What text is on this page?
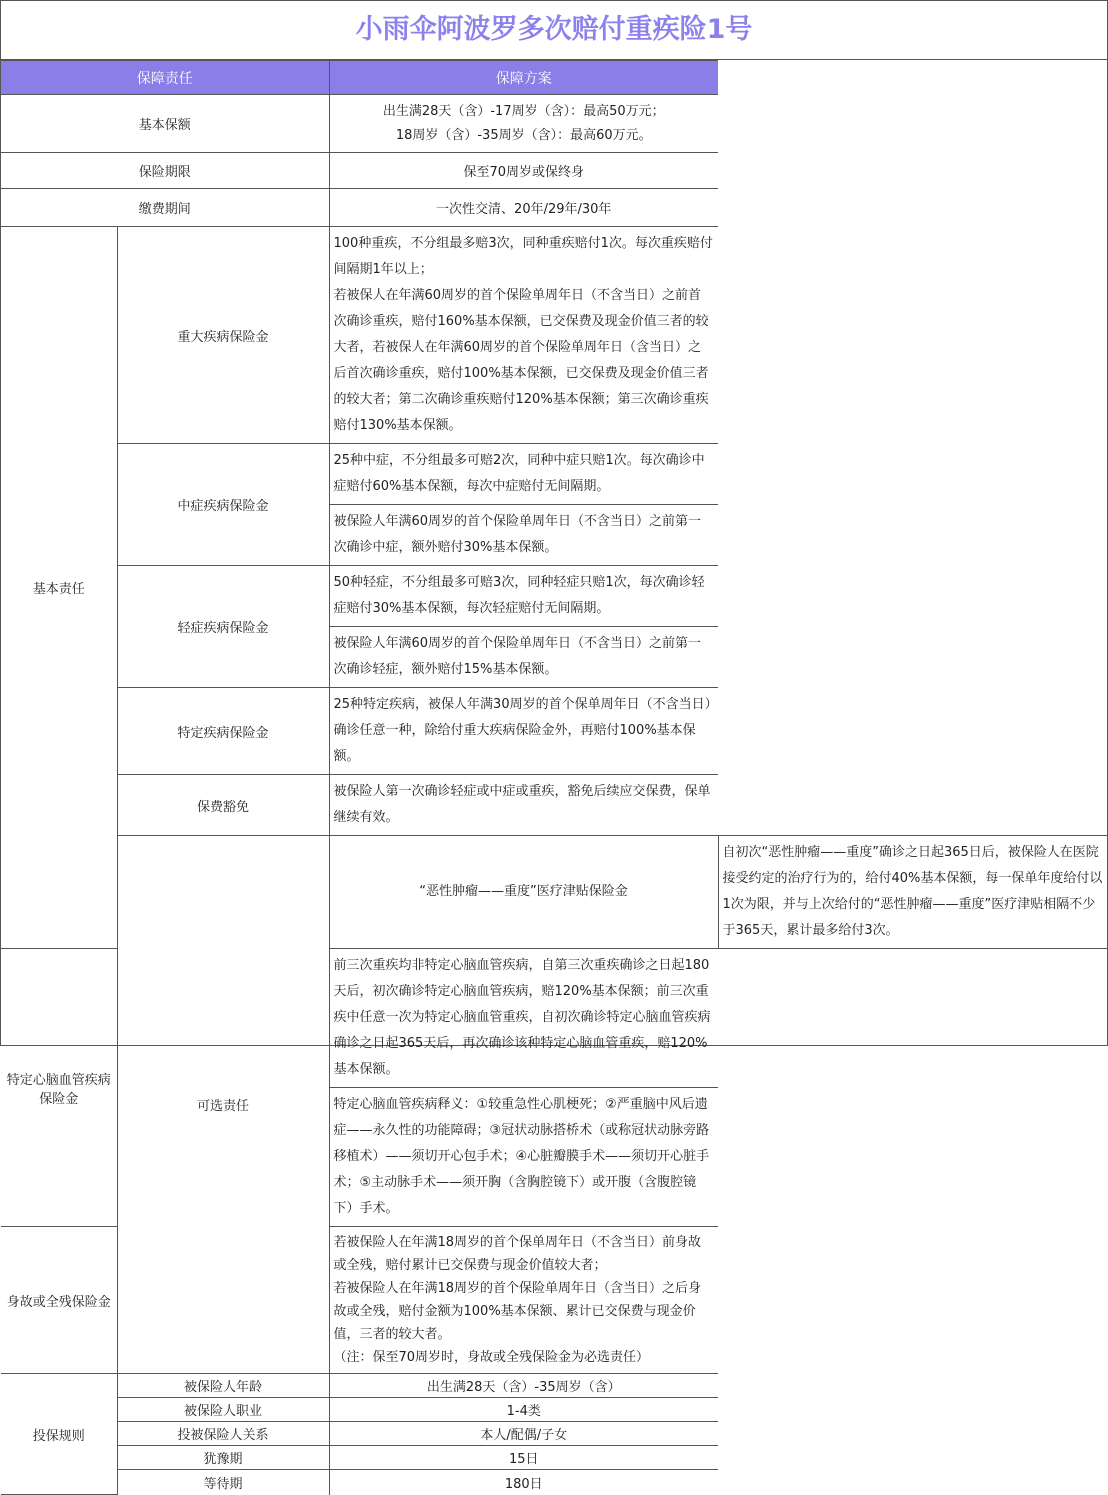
小雨伞阿波罗多次赔付重疾险1号
保障责任		保障方案	
基本保额		出生满28天（含）-17周岁（含）：最高50万元；
18周岁（含）-35周岁（含）：最高60万元。	

保险期限		保至70周岁或保终身	
缴费期间		一次性交清、20年/29年/30年	
基本责任	重大疾病保险金	100种重疾，不分组最多赔3次，同种重疾赔付1次。每次重疾赔付间隔期1年以上；
若被保人在年满60周岁的首个保险单周年日（不含当日）之前首次确诊重疾，赔付160%基本保额，已交保费及现金价值三者的较大者，若被保人在年满60周岁的首个保险单周年日（含当日）之后首次确诊重疾，赔付100%基本保额，已交保费及现金价值三者的较大者；第二次确诊重疾赔付120%基本保额；第三次确诊重疾赔付130%基本保额。	

	中症疾病保险金	25种中症，不分组最多可赔2次，同种中症只赔1次。每次确诊中症赔付60%基本保额，每次中症赔付无间隔期。	
		被保险人年满60周岁的首个保险单周年日（不含当日）之前第一次确诊中症，额外赔付30%基本保额。	
	轻症疾病保险金	50种轻症，不分组最多可赔3次，同种轻症只赔1次，每次确诊轻症赔付30%基本保额，每次轻症赔付无间隔期。	
		被保险人年满60周岁的首个保险单周年日（不含当日）之前第一次确诊轻症，额外赔付15%基本保额。	
	特定疾病保险金	25种特定疾病，被保人年满30周岁的首个保单周年日（不含当日）确诊任意一种，除给付重大疾病保险金外，再赔付100%基本保额。	
	保费豁免	被保险人第一次确诊轻症或中症或重疾，豁免后续应交保费，保单继续有效。	
	可选责任	“恶性肿瘤——重度”医疗津贴保险金	自初次“恶性肿瘤——重度”确诊之日起365日后，被保险人在医院接受约定的治疗行为的，给付40%基本保额，每一保单年度给付以1次为限，并与上次给付的“恶性肿瘤——重度”医疗津贴相隔不少于365天，累计最多给付3次。
特定心脑血管疾病保险金		前三次重疾均非特定心脑血管疾病，自第三次重疾确诊之日起180天后，初次确诊特定心脑血管疾病，赔120%基本保额；前三次重疾中任意一次为特定心脑血管重疾，自初次确诊特定心脑血管疾病确诊之日起365天后，再次确诊该种特定心脑血管重疾，赔120%基本保额。	
		特定心脑血管疾病释义：①较重急性心肌梗死；②严重脑中风后遗症——永久性的功能障碍；③冠状动脉搭桥术（或称冠状动脉旁路移植术）——须切开心包手术；④心脏瓣膜手术——须切开心脏手术；⑤主动脉手术——须开胸（含胸腔镜下）或开腹（含腹腔镜下）手术。	
身故或全残保险金		若被保险人在年满18周岁的首个保单周年日（不含当日）前身故或全残，赔付累计已交保费与现金价值较大者；
若被保险人在年满18周岁的首个保险单周年日（含当日）之后身故或全残，赔付金额为100%基本保额、累计已交保费与现金价值，三者的较大者。
（注：保至70周岁时，身故或全残保险金为必选责任）	

投保规则	被保险人年龄	出生满28天（含）-35周岁（含）	
	被保险人职业	1-4类	
	投被保险人关系	本人/配偶/子女	
	犹豫期	15日	
	等待期	180日	
